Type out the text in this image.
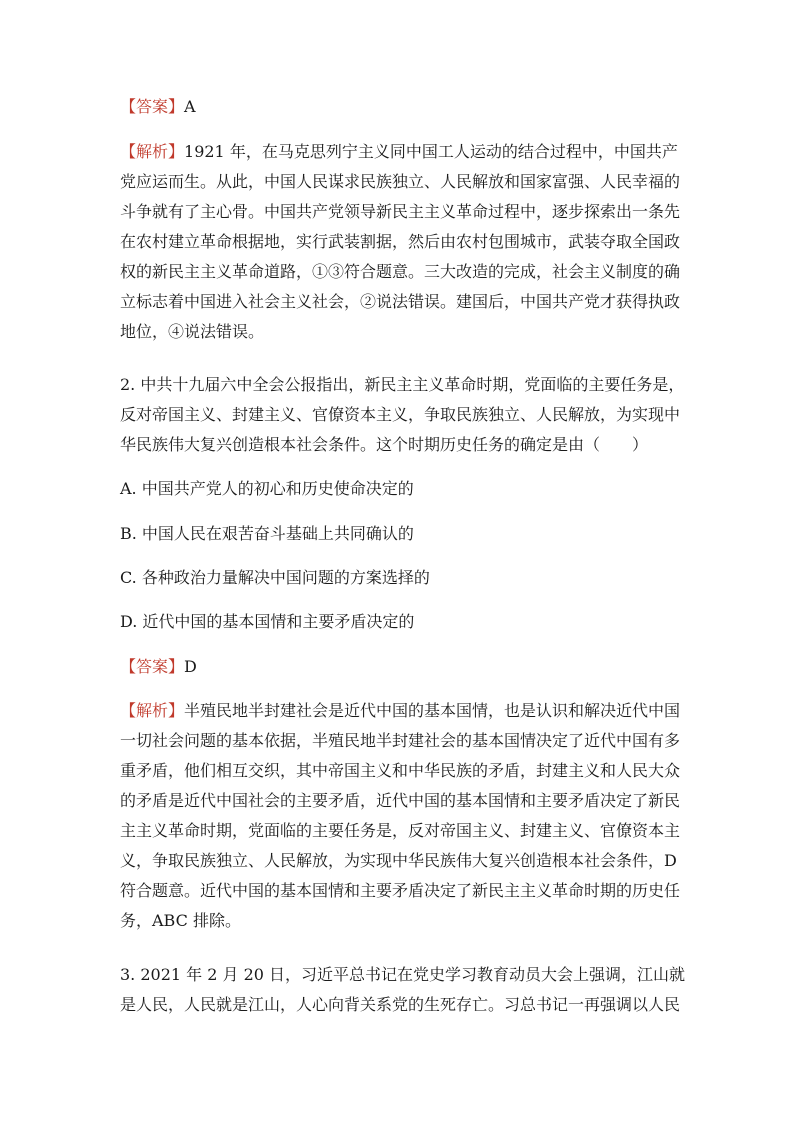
【答案】A
【解析】1921 年，在马克思列宁主义同中国工人运动的结合过程中，中国共产
党应运而生。从此，中国人民谋求民族独立、人民解放和国家富强、人民幸福的
斗争就有了主心骨。中国共产党领导新民主主义革命过程中，逐步探索出一条先
在农村建立革命根据地，实行武装割据，然后由农村包围城市，武装夺取全国政
权的新民主主义革命道路，①③符合题意。三大改造的完成，社会主义制度的确
立标志着中国进入社会主义社会，②说法错误。建国后，中国共产党才获得执政
地位，④说法错误。
2. 中共十九届六中全会公报指出，新民主主义革命时期，党面临的主要任务是，
反对帝国主义、封建主义、官僚资本主义，争取民族独立、人民解放，为实现中
华民族伟大复兴创造根本社会条件。这个时期历史任务的确定是由（　　）
A. 中国共产党人的初心和历史使命决定的
B. 中国人民在艰苦奋斗基础上共同确认的
C. 各种政治力量解决中国问题的方案选择的
D. 近代中国的基本国情和主要矛盾决定的
【答案】D
【解析】半殖民地半封建社会是近代中国的基本国情，也是认识和解决近代中国
一切社会问题的基本依据，半殖民地半封建社会的基本国情决定了近代中国有多
重矛盾，他们相互交织，其中帝国主义和中华民族的矛盾，封建主义和人民大众
的矛盾是近代中国社会的主要矛盾，近代中国的基本国情和主要矛盾决定了新民
主主义革命时期，党面临的主要任务是，反对帝国主义、封建主义、官僚资本主
义，争取民族独立、人民解放，为实现中华民族伟大复兴创造根本社会条件，D
符合题意。近代中国的基本国情和主要矛盾决定了新民主主义革命时期的历史任
务，ABC 排除。
3. 2021 年 2 月 20 日，习近平总书记在党史学习教育动员大会上强调，江山就
是人民，人民就是江山，人心向背关系党的生死存亡。习总书记一再强调以人民
